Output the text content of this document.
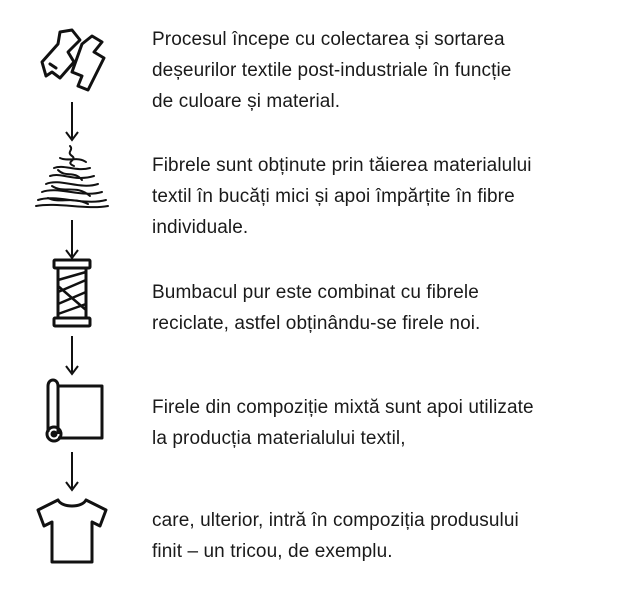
Procesul începe cu colectarea și sortarea
deșeurilor textile post-industriale în funcție
de culoare și material.
Fibrele sunt obținute prin tăierea materialului
textil în bucăți mici și apoi împărțite în fibre
individuale.
Bumbacul pur este combinat cu fibrele
reciclate, astfel obținându-se firele noi.
Firele din compoziție mixtă sunt apoi utilizate
la producția materialului textil,
care, ulterior, intră în compoziția produsului
finit – un tricou, de exemplu.
